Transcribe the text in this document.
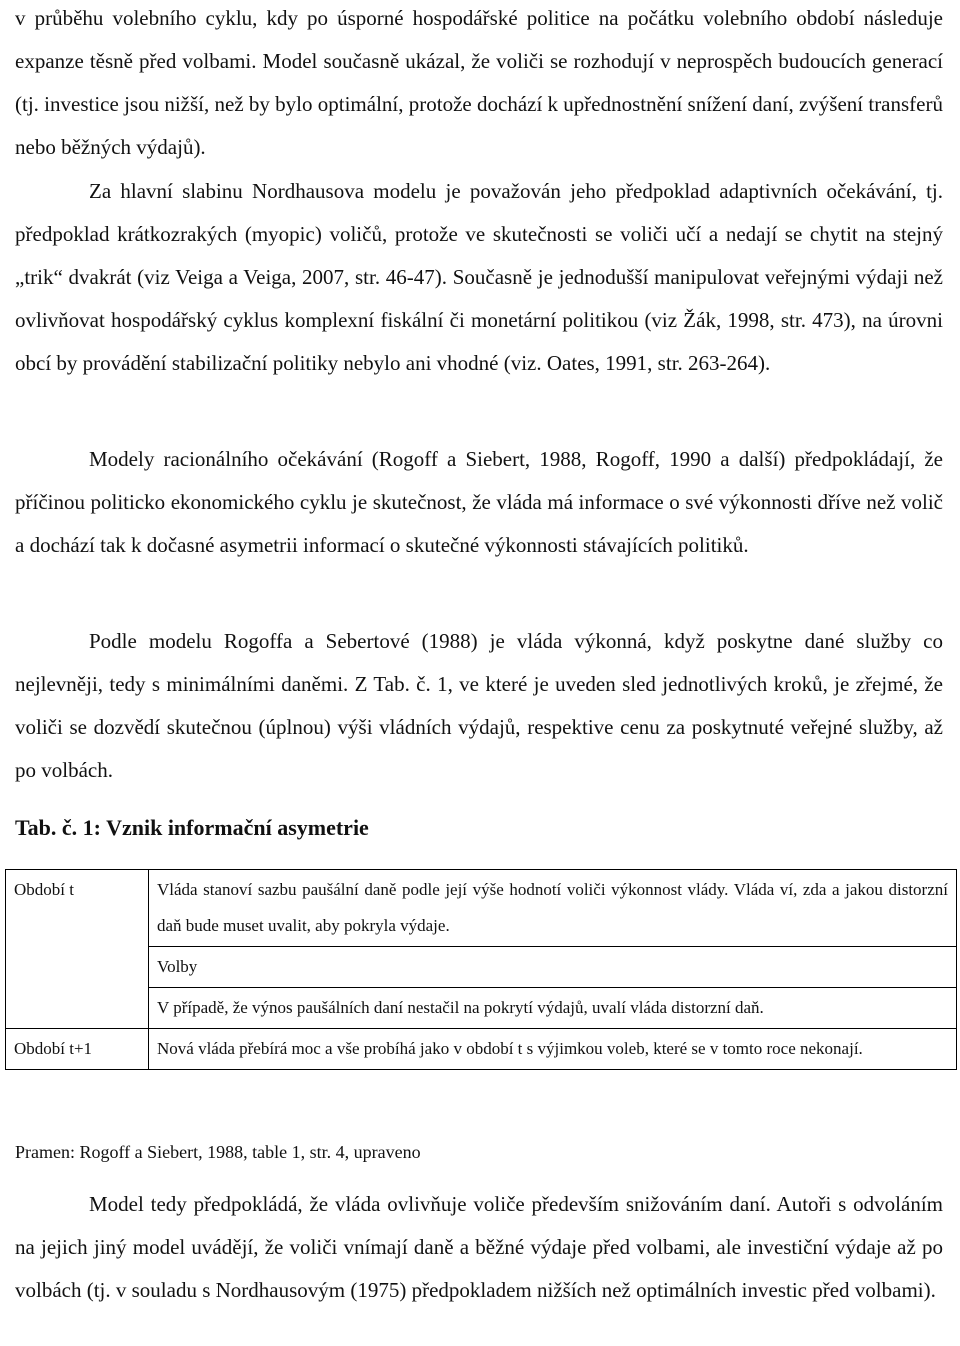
v průběhu volebního cyklu, kdy po úsporné hospodářské politice na počátku volebního období následuje expanze těsně před volbami. Model současně ukázal, že voliči se rozhodují v neprospěch budoucích generací (tj. investice jsou nižší, než by bylo optimální, protože dochází k upřednostnění snížení daní, zvýšení transferů nebo běžných výdajů).

Za hlavní slabinu Nordhausova modelu je považován jeho předpoklad adaptivních očekávání, tj. předpoklad krátkozrakých (myopic) voličů, protože ve skutečnosti se voliči učí a nedají se chytit na stejný „trik“ dvakrát (viz Veiga a Veiga, 2007, str. 46-47). Současně je jednodušší manipulovat veřejnými výdaji než ovlivňovat hospodářský cyklus komplexní fiskální či monetární politikou (viz Žák, 1998, str. 473), na úrovni obcí by provádění stabilizační politiky nebylo ani vhodné (viz. Oates, 1991, str. 263-264).

Modely racionálního očekávání (Rogoff a Siebert, 1988, Rogoff, 1990 a další) předpokládají, že příčinou politicko ekonomického cyklu je skutečnost, že vláda má informace o své výkonnosti dříve než volič a dochází tak k dočasné asymetrii informací o skutečné výkonnosti stávajících politiků.

Podle modelu Rogoffa a Sebertové (1988) je vláda výkonná, když poskytne dané služby co nejlevněji, tedy s minimálními daněmi. Z Tab. č. 1, ve které je uveden sled jednotlivých kroků, je zřejmé, že voliči se dozvědí skutečnou (úplnou) výši vládních výdajů, respektive cenu za poskytnuté veřejné služby, až po volbách.

Tab. č. 1: Vznik informační asymetrie

Období t	Vláda stanoví sazbu paušální daně podle její výše hodnotí voliči výkonnost vlády. Vláda ví, zda a jakou distorzní daň bude muset uvalit, aby pokryla výdaje.
	Volby
	V případě, že výnos paušálních daní nestačil na pokrytí výdajů, uvalí vláda distorzní daň.
Období t+1	Nová vláda přebírá moc a vše probíhá jako v období t s výjimkou voleb, které se v tomto roce nekonají.

Pramen: Rogoff a Siebert, 1988, table 1, str. 4, upraveno

Model tedy předpokládá, že vláda ovlivňuje voliče především snižováním daní. Autoři s odvoláním na jejich jiný model uvádějí, že voliči vnímají daně a běžné výdaje před volbami, ale investiční výdaje až po volbách (tj. v souladu s Nordhausovým (1975) předpokladem nižších než optimálních investic před volbami).
